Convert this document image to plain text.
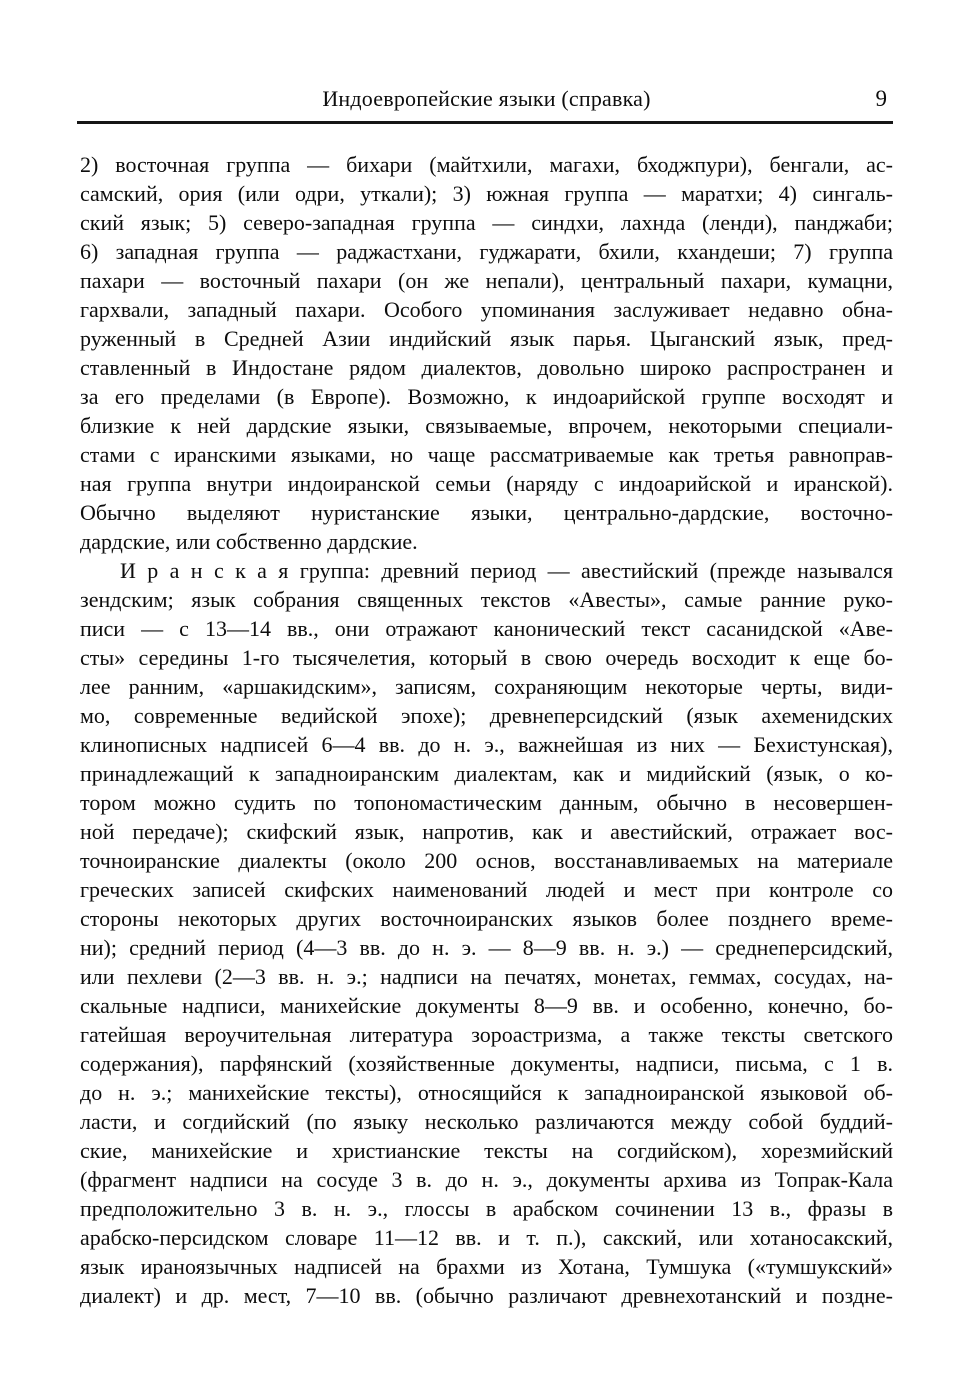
Индоевропейские языки (справка)	9
2) восточная группа — бихари (майтхили, магахи, бходжпури), бенгали, ас-
самский, ория (или одри, уткали); 3) южная группа — маратхи; 4) сингаль-
ский язык; 5) северо-западная группа — синдхи, лахнда (ленди), панджаби;
6) западная группа — раджастхани, гуджарати, бхили, кхандеши; 7) группа
пахари — восточный пахари (он же непали), центральный пахари, кумацни,
гархвали, западный пахари. Особого упоминания заслуживает недавно обна-
руженный в Средней Азии индийский язык парья. Цыганский язык, пред-
ставленный в Индостане рядом диалектов, довольно широко распространен и
за его пределами (в Европе). Возможно, к индоарийской группе восходят и
близкие к ней дардские языки, связываемые, впрочем, некоторыми специали-
стами с иранскими языками, но чаще рассматриваемые как третья равноправ-
ная группа внутри индоиранской семьи (наряду с индоарийской и иранской).
Обычно выделяют нуристанские языки, центрально-дардские, восточно-
дардские, или собственно дардские.
И р а н с к а я группа: древний период — авестийский (прежде назывался
зендским; язык собрания священных текстов «Авесты», самые ранние руко-
писи — с 13—14 вв., они отражают канонический текст сасанидской «Аве-
сты» середины 1-го тысячелетия, который в свою очередь восходит к еще бо-
лее ранним, «аршакидским», записям, сохраняющим некоторые черты, види-
мо, современные ведийской эпохе); древнеперсидский (язык ахеменидских
клинописных надписей 6—4 вв. до н. э., важнейшая из них — Бехистунская),
принадлежащий к западноиранским диалектам, как и мидийский (язык, о ко-
тором можно судить по топономастическим данным, обычно в несовершен-
ной передаче); скифский язык, напротив, как и авестийский, отражает вос-
точноиранские диалекты (около 200 основ, восстанавливаемых на материале
греческих записей скифских наименований людей и мест при контроле со
стороны некоторых других восточноиранских языков более позднего време-
ни); средний период (4—3 вв. до н. э. — 8—9 вв. н. э.) — среднеперсидский,
или пехлеви (2—3 вв. н. э.; надписи на печатях, монетах, геммах, сосудах, на-
скальные надписи, манихейские документы 8—9 вв. и особенно, конечно, бо-
гатейшая вероучительная литература зороастризма, а также тексты светского
содержания), парфянский (хозяйственные документы, надписи, письма, с 1 в.
до н. э.; манихейские тексты), относящийся к западноиранской языковой об-
ласти, и согдийский (по языку несколько различаются между собой буддий-
ские, манихейские и христианские тексты на согдийском), хорезмийский
(фрагмент надписи на сосуде 3 в. до н. э., документы архива из Топрак-Кала
предположительно 3 в. н. э., глоссы в арабском сочинении 13 в., фразы в
арабско-персидском словаре 11—12 вв. и т. п.), сакский, или хотаносакский,
язык ираноязычных надписей на брахми из Хотана, Тумшука («тумшукский»
диалект) и др. мест, 7—10 вв. (обычно различают древнехотанский и поздне-
